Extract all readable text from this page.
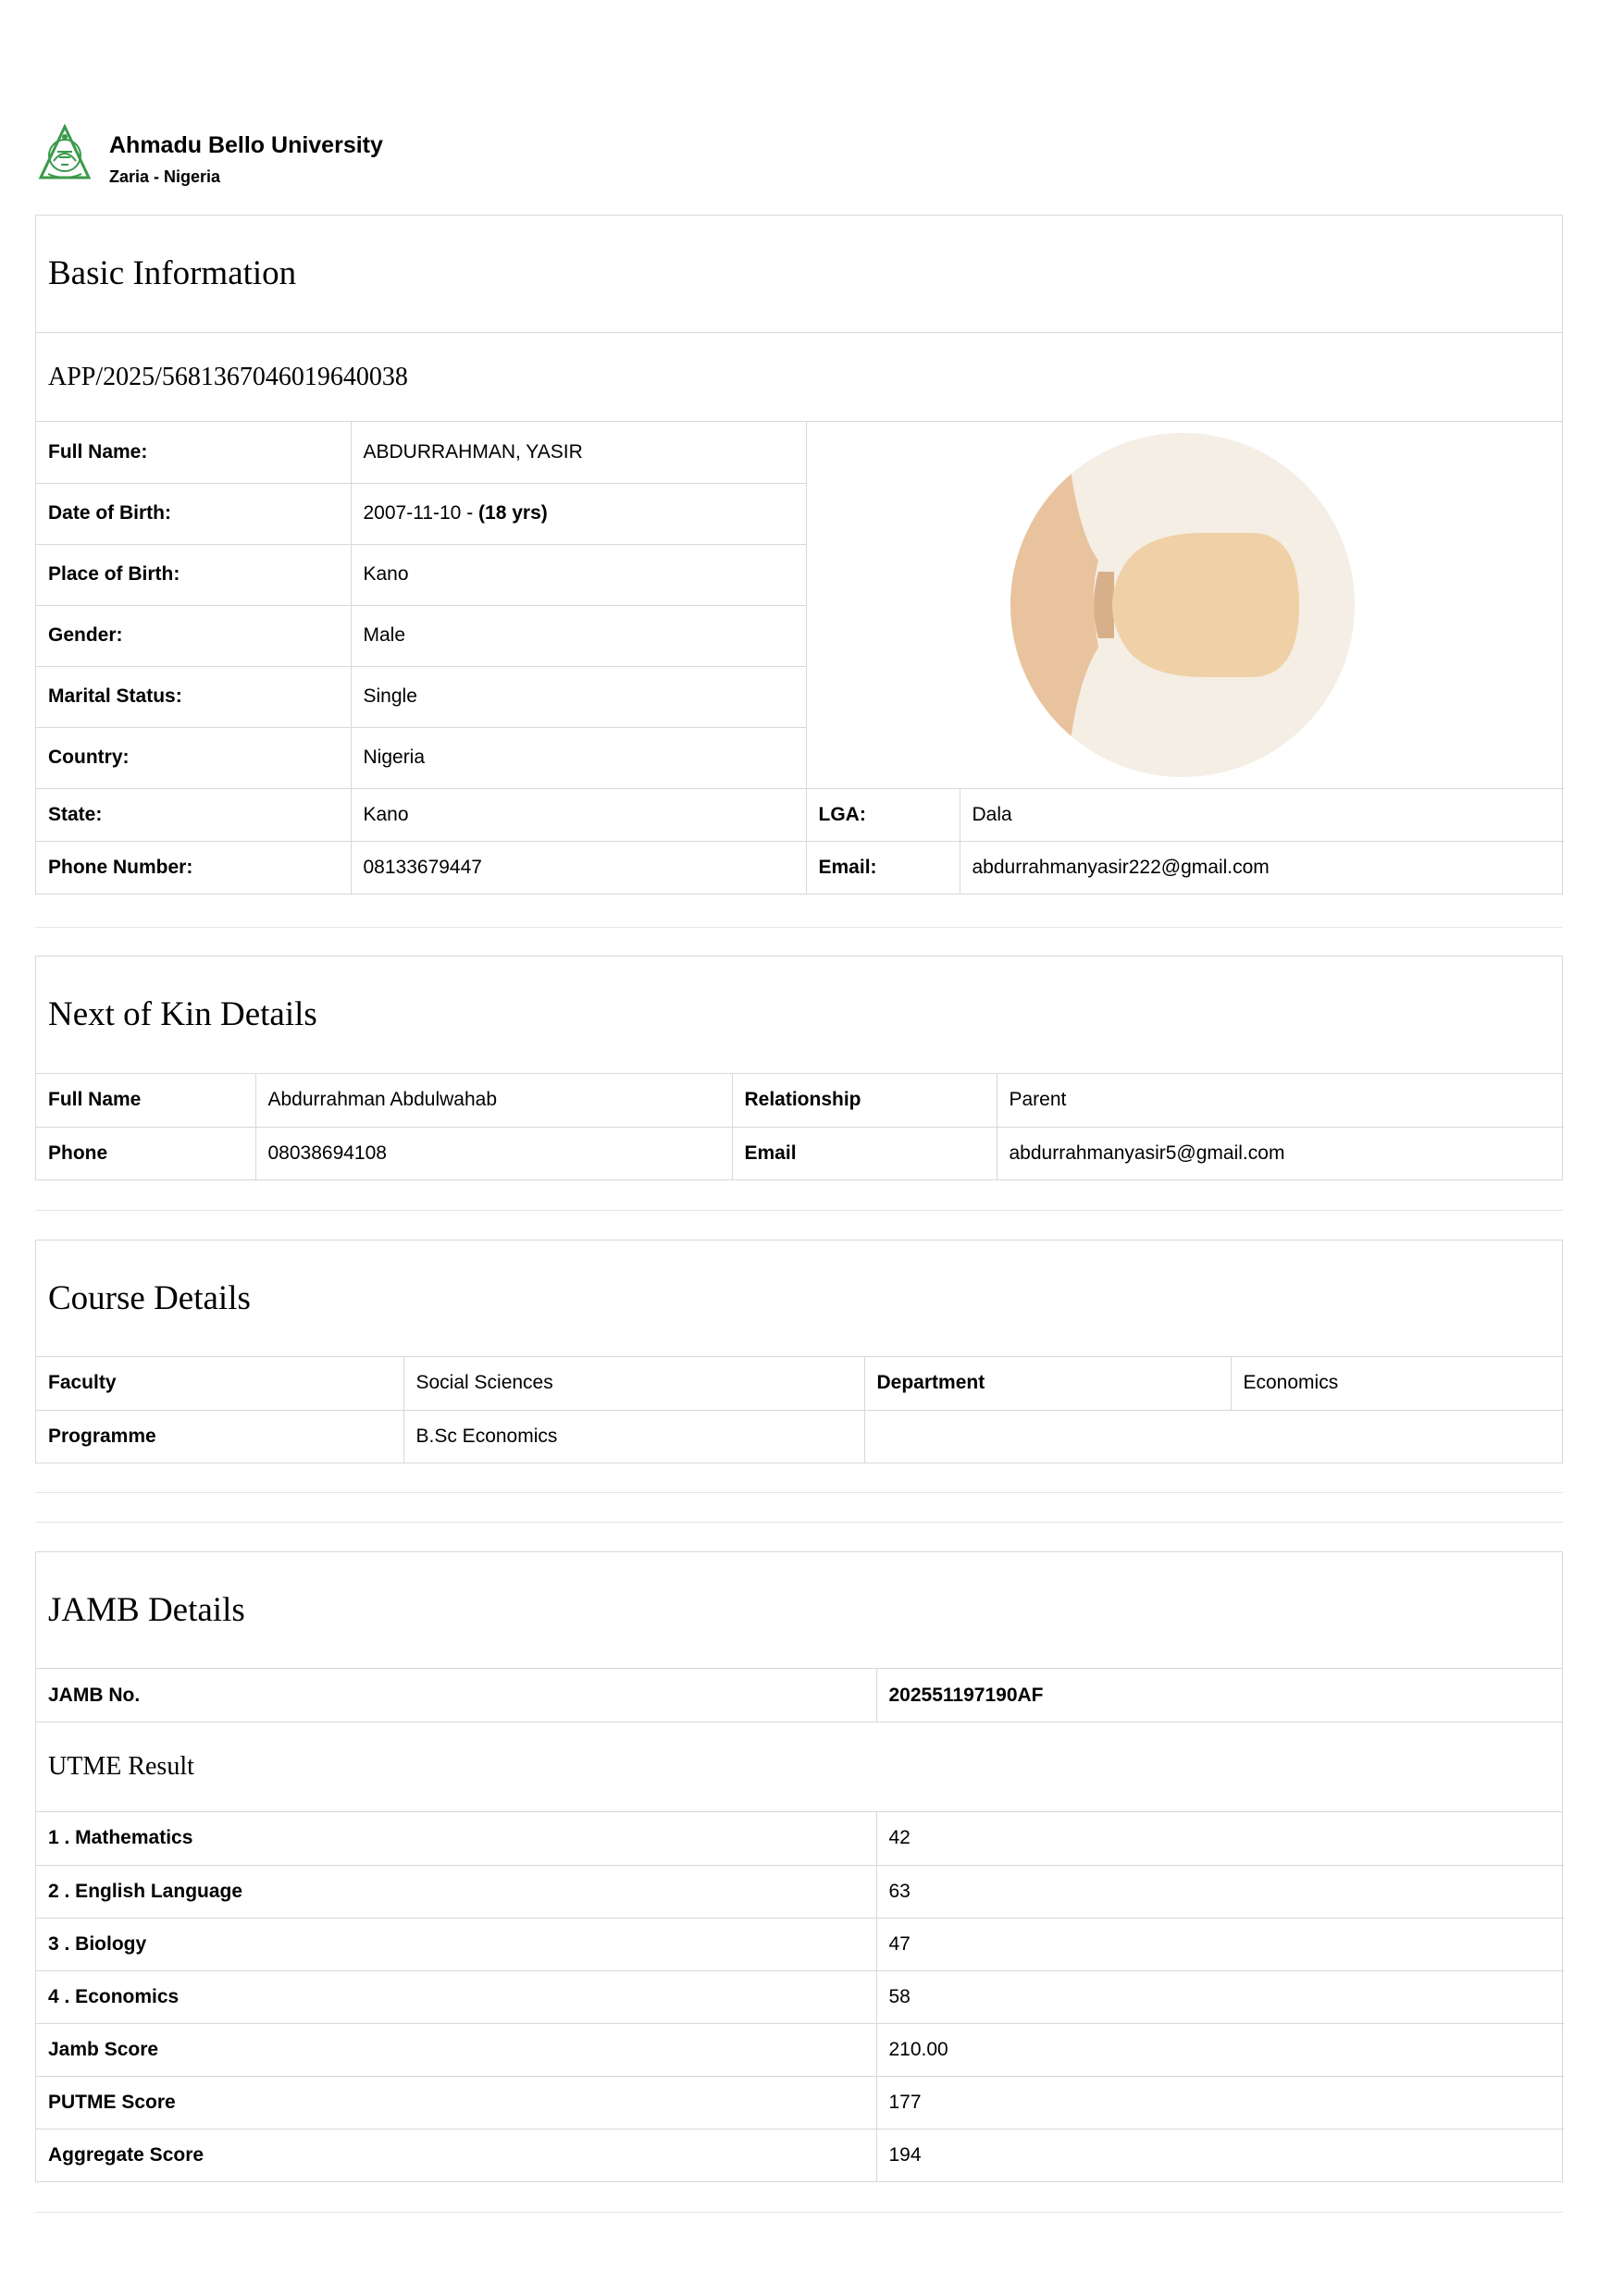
Ahmadu Bello University
Zaria - Nigeria
Basic Information
APP/2025/5681367046019640038
Full Name:	ABDURRAHMAN, YASIR	

Date of Birth:	2007-11-10 - (18 yrs)		
Place of Birth:	Kano		
Gender:	Male		
Marital Status:	Single		
Country:	Nigeria		
State:	Kano	LGA:	Dala
Phone Number:	08133679447	Email:	abdurrahmanyasir222@gmail.com
Next of Kin Details
Full Name	Abdurrahman Abdulwahab	Relationship	Parent
Phone	08038694108	Email	abdurrahmanyasir5@gmail.com
Course Details
Faculty	Social Sciences	Department	Economics
Programme	B.Sc Economics		
JAMB Details
JAMB No.	202551197190AF
UTME Result
1 . Mathematics	42
2 . English Language	63
3 . Biology	47
4 . Economics	58
Jamb Score	210.00
PUTME Score	177
Aggregate Score	194
